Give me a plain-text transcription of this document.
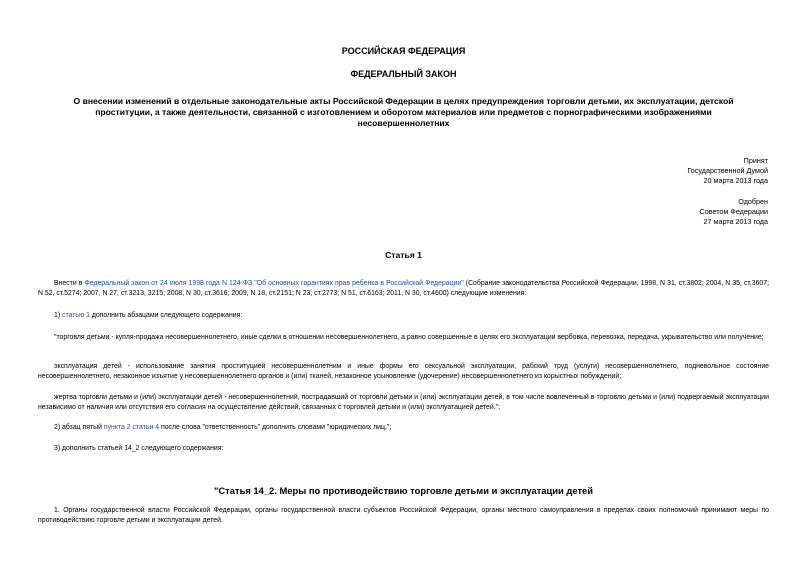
РОССИЙСКАЯ ФЕДЕРАЦИЯ
ФЕДЕРАЛЬНЫЙ ЗАКОН
О внесении изменений в отдельные законодательные акты Российской Федерации в целях предупреждения торговли детьми, их эксплуатации, детской проституции, а также деятельности, связанной с изготовлением и оборотом материалов или предметов с порнографическими изображениями несовершеннолетних
Принят
Государственной Думой
20 марта 2013 года
Одобрен
Советом Федерации
27 марта 2013 года
Статья 1
Внести в Федеральный закон от 24 июля 1998 года N 124-ФЗ "Об основных гарантиях прав ребенка в Российской Федерации" (Собрание законодательства Российской Федерации, 1998, N 31, ст.3802; 2004, N 35, ст.3607; N 52, ст.5274; 2007, N 27, ст.3213, 3215; 2008, N 30, ст.3616; 2009, N 18, ст.2151; N 23, ст.2773; N 51, ст.6163; 2011, N 30, ст.4600) следующие изменения:
1) статью 1 дополнить абзацами следующего содержания:
"торговля детьми - купля-продажа несовершеннолетнего, иные сделки в отношении несовершеннолетнего, а равно совершенные в целях его эксплуатации вербовка, перевозка, передача, укрывательство или получение;
эксплуатация детей - использование занятия проституцией несовершеннолетним и иные формы его сексуальной эксплуатации, рабский труд (услуги) несовершеннолетнего, подневольное состояние несовершеннолетнего, незаконное изъятие у несовершеннолетнего органов и (или) тканей, незаконное усыновление (удочерение) несовершеннолетнего из корыстных побуждений;
жертва торговли детьми и (или) эксплуатации детей - несовершеннолетний, пострадавший от торговли детьми и (или) эксплуатации детей, в том числе вовлеченный в торговлю детьми и (или) подвергаемый эксплуатации независимо от наличия или отсутствия его согласия на осуществление действий, связанных с торговлей детьми и (или) эксплуатацией детей.";
2) абзац пятый пункта 2 статьи 4 после слова "ответственность" дополнить словами "юридических лиц,";
3) дополнить статьей 14_2 следующего содержания:
"Статья 14_2. Меры по противодействию торговле детьми и эксплуатации детей
1. Органы государственной власти Российской Федерации, органы государственной власти субъектов Российской Федерации, органы местного самоуправления в пределах своих полномочий принимают меры по противодействию торговле детьми и эксплуатации детей.
